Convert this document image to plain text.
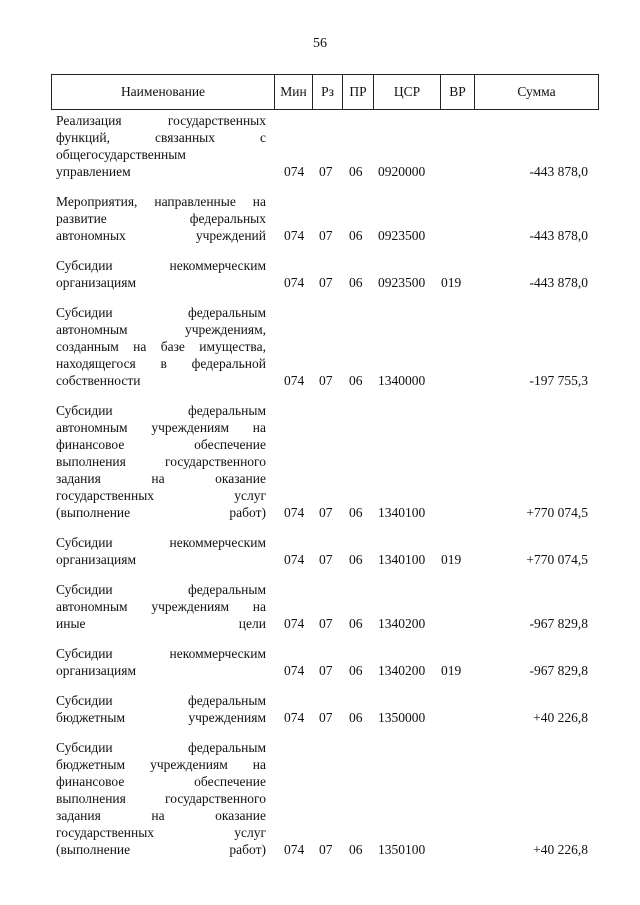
56
Наименование	Мин	Рз	ПР	ЦСР	ВР	Сумма
Реализация государственных
функций, связанных с
общегосударственным
управлением	074 07 06 0920000	-443 878,0
Мероприятия, направленные на
развитие федеральных
автономных учреждений 074 07 06 0923500	-443 878,0
Субсидии некоммерческим
организациям	074 07 06 0923500 019	-443 878,0
Субсидии федеральным
автономным учреждениям,
созданным на базе имущества,
находящегося в федеральной
собственности	074 07 06 1340000	-197 755,3
Субсидии федеральным
автономным учреждениям на
финансовое обеспечение
выполнения государственного
задания на оказание
государственных услуг
(выполнение работ) 074 07 06 1340100	+770 074,5
Субсидии некоммерческим
организациям	074 07 06 1340100 019	+770 074,5
Субсидии федеральным
автономным учреждениям на
иные цели 074 07 06 1340200	-967 829,8
Субсидии некоммерческим
организациям	074 07 06 1340200 019	-967 829,8
Субсидии федеральным
бюджетным учреждениям 074 07 06 1350000	+40 226,8
Субсидии федеральным
бюджетным учреждениям на
финансовое обеспечение
выполнения государственного
задания на оказание
государственных услуг
(выполнение работ) 074 07 06 1350100	+40 226,8
